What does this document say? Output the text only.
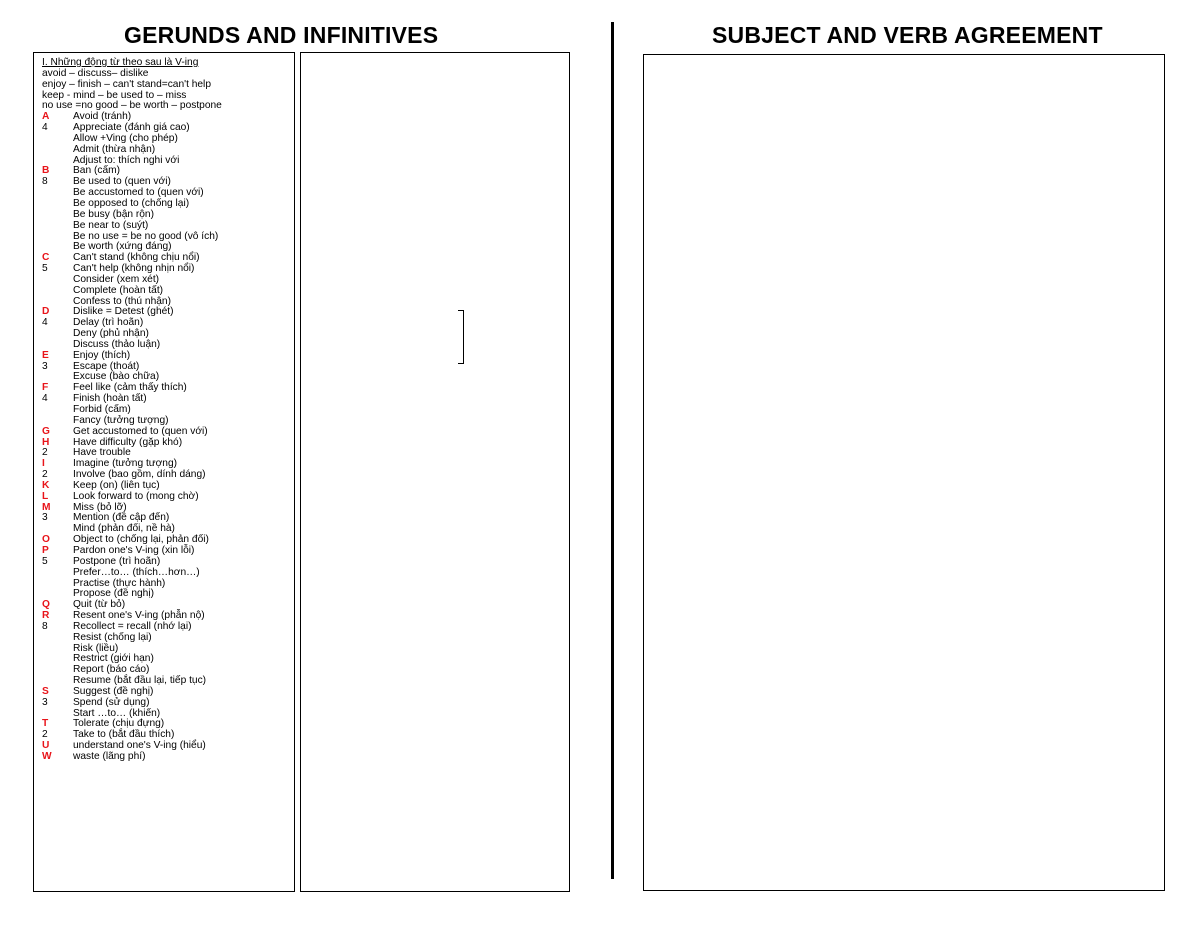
GERUNDS AND INFINITIVES	SUBJECT AND VERB AGREEMENT
I. Những động từ theo sau là V-ing
avoid – discuss– dislike
enjoy – finish – can't stand=can't help
keep - mind – be used to – miss
no use =no good – be worth – postpone
A Avoid (tránh)
4 Appreciate (đánh giá cao)
Allow +Ving (cho phép)
Admit (thừa nhận)
Adjust to: thích nghi với
B Ban (cấm)
8 Be used to (quen với)
Be accustomed to (quen với)
Be opposed to (chống lại)
Be busy (bận rộn)
Be near to (suýt)
Be no use = be no good (vô ích)
Be worth (xứng đáng)
C Can't stand (không chịu nổi)
5 Can't help (không nhịn nổi)
Consider (xem xét)
Complete (hoàn tất)
Confess to (thú nhận)
D Dislike = Detest (ghét)
4 Delay (trì hoãn)
Deny (phủ nhận)
Discuss (thảo luận)
E Enjoy (thích)
3 Escape (thoát)
Excuse (bào chữa)
F Feel like (cảm thấy thích)
4 Finish (hoàn tất)
Forbid (cấm)
Fancy (tưởng tượng)
G Get accustomed to (quen với)
H Have difficulty (gặp khó)
2 Have trouble
I	Imagine (tưởng tượng)
2 Involve (bao gồm, dính dáng)
K Keep (on) (liên tục)
L Look forward to (mong chờ)
M Miss (bỏ lỡ)
3 Mention (đề cập đến)
Mind (phản đối, nề hà)
O Object to (chống lại, phản đối)
P Pardon one's V-ing (xin lỗi)
5 Postpone (trì hoãn)
Prefer…to… (thích…hơn…)
Practise (thực hành)
Propose (đề nghị)
Q Quit (từ bỏ)
R Resent one's V-ing (phẫn nộ)
8 Recollect = recall (nhớ lại)
Resist (chống lại)
Risk (liều)
Restrict (giới hạn)
Report (báo cáo)
Resume (bắt đầu lại, tiếp tục)
S Suggest (đề nghị)
3 Spend (sử dụng)
Start …to… (khiến)
T Tolerate (chịu đựng)
2 Take to (bắt đầu thích)
U understand one's V-ing (hiểu)
W waste (lãng phí)
